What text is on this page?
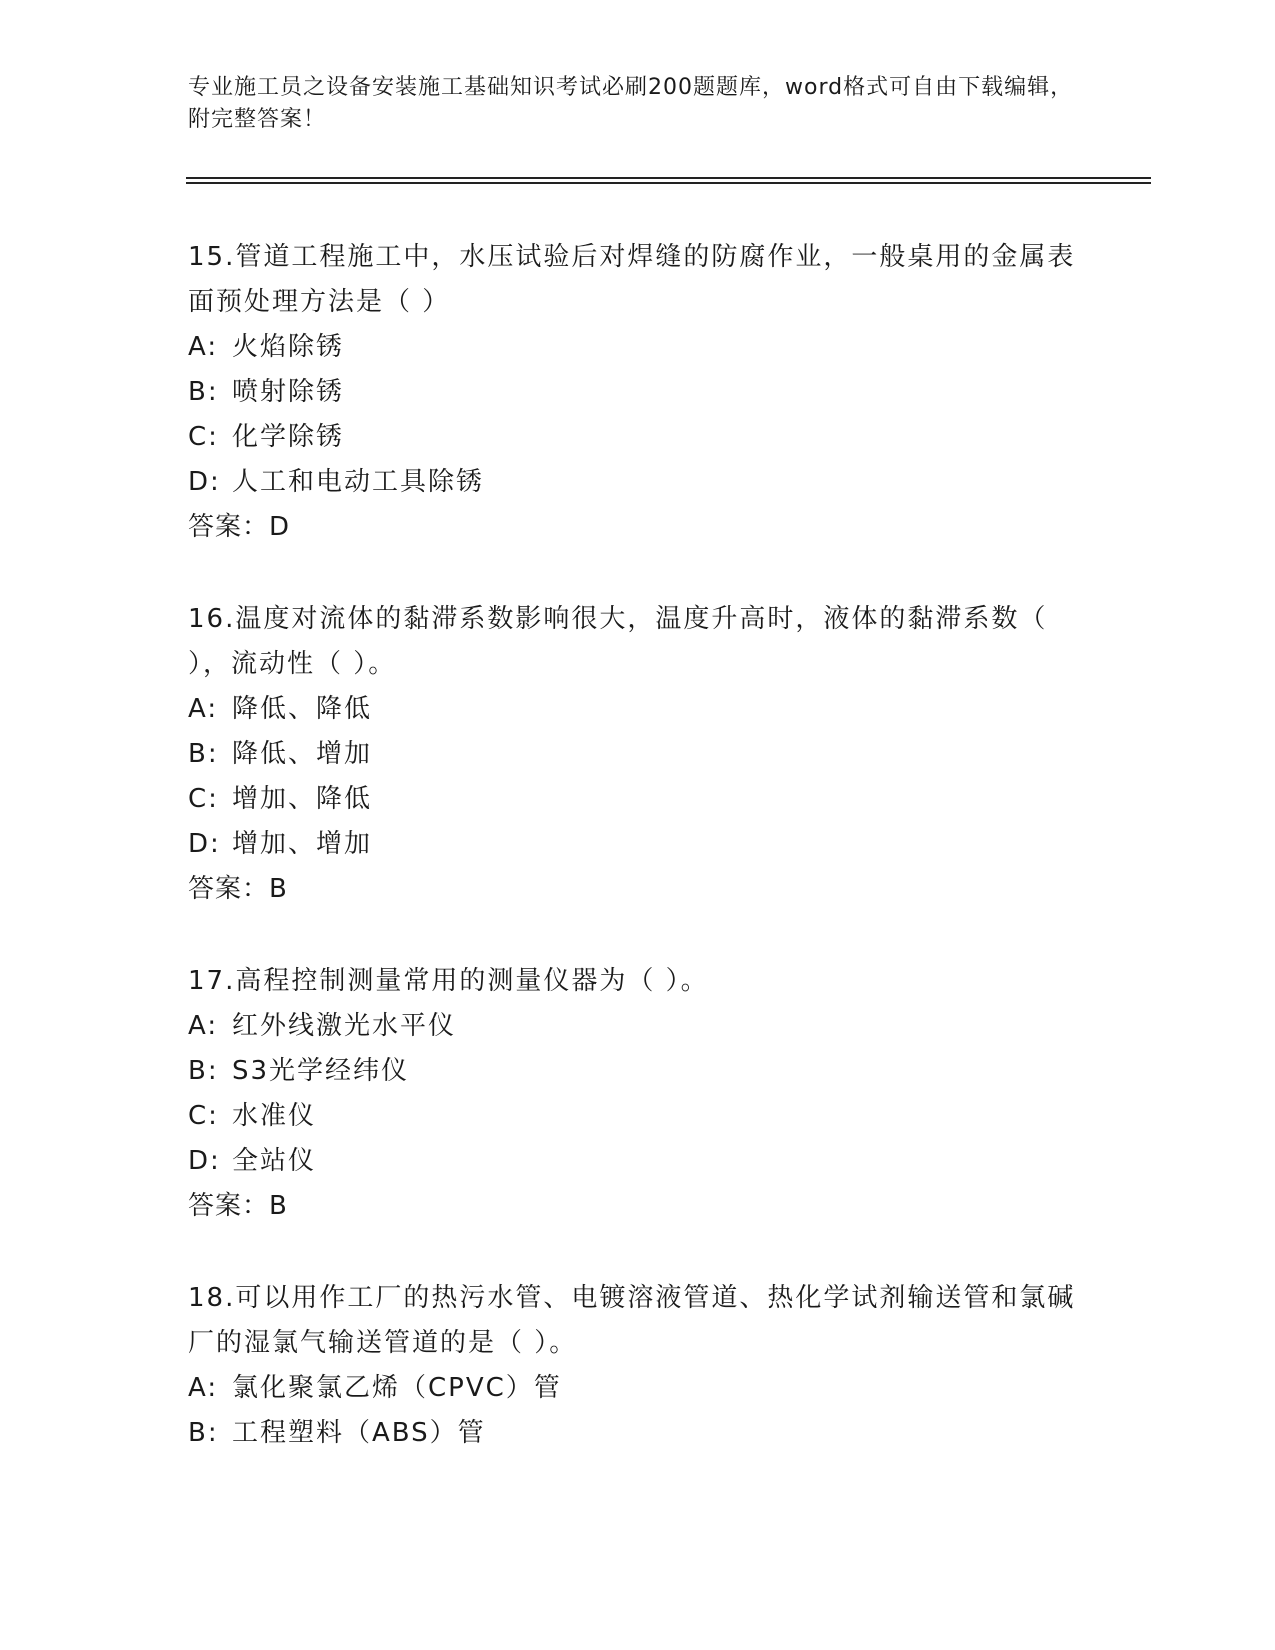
专业施工员之设备安装施工基础知识考试必刷200题题库，word格式可自由下载编辑，附完整答案！

15.管道工程施工中，水压试验后对焊缝的防腐作业，一般桌用的金属表面预处理方法是（ ）

A: 火焰除锈
B: 喷射除锈
C: 化学除锈
D: 人工和电动工具除锈
答案：D

16.温度对流体的黏滞系数影响很大，温度升高时，液体的黏滞系数（ ），流动性（ ）。

A: 降低、降低
B: 降低、增加
C: 增加、降低
D: 增加、增加
答案：B

17.高程控制测量常用的测量仪器为（ ）。

A: 红外线激光水平仪
B: S3光学经纬仪
C: 水准仪
D: 全站仪
答案：B

18.可以用作工厂的热污水管、电镀溶液管道、热化学试剂输送管和氯碱厂的湿氯气输送管道的是（ ）。

A: 氯化聚氯乙烯（CPVC）管
B: 工程塑料（ABS）管
